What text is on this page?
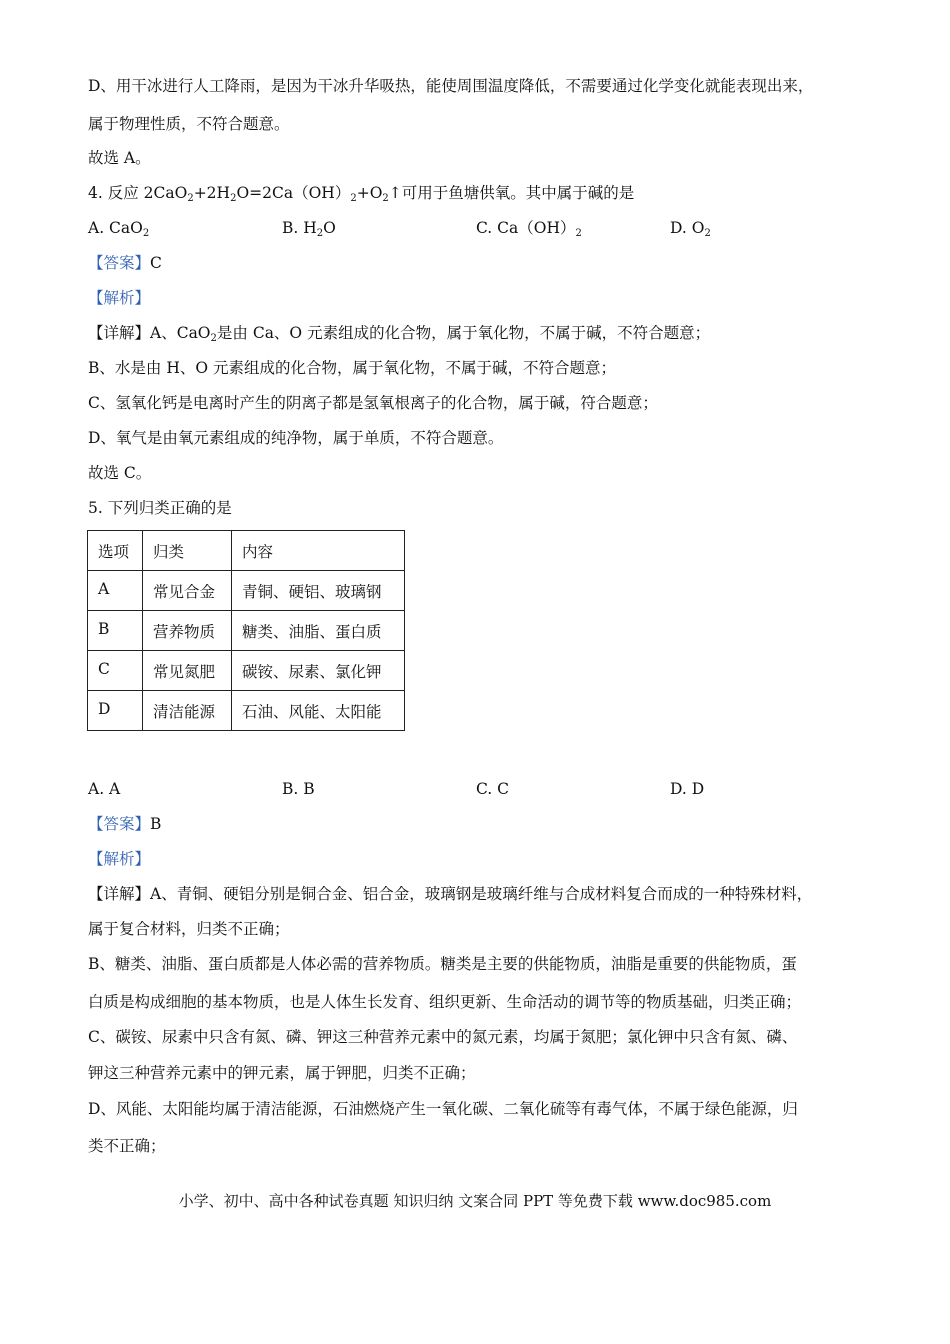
D、用干冰进行人工降雨，是因为干冰升华吸热，能使周围温度降低，不需要通过化学变化就能表现出来，
属于物理性质，不符合题意。
故选 A。
4. 反应 $2CaO_2+2H_2O=2Ca(OH)_2+O_2↑$可用于鱼塘供氧。其中属于碱的是
A. CaO$_2$	B. $H_2O$	C. $Ca(OH)_2$	D. $O_2$
【答案】C
【解析】
【详解】A、CaO$_2$是由 Ca、O 元素组成的化合物，属于氧化物，不属于碱，不符合题意；
B、水是由 H、O 元素组成的化合物，属于氧化物，不属于碱，不符合题意；
C、氢氧化钙是电离时产生的阴离子都是氢氧根离子的化合物，属于碱，符合题意；
D、氧气是由氧元素组成的纯净物，属于单质，不符合题意。
故选 C。
5. 下列归类正确的是
选项	归类	内容
A	常见合金	青铜、硬铝、玻璃钢
B	营养物质	糖类、油脂、蛋白质
C	常见氮肥	碳铵、尿素、氯化钾
D	清洁能源	石油、风能、太阳能
A. A	B. B	C. C	D. D
【答案】B
【解析】
【详解】A、青铜、硬铝分别是铜合金、铝合金，玻璃钢是玻璃纤维与合成材料复合而成的一种特殊材料，
属于复合材料，归类不正确；
B、糖类、油脂、蛋白质都是人体必需的营养物质。糖类是主要的供能物质，油脂是重要的供能物质，蛋
白质是构成细胞的基本物质，也是人体生长发育、组织更新、生命活动的调节等的物质基础，归类正确；
C、碳铵、尿素中只含有氮、磷、钾这三种营养元素中的氮元素，均属于氮肥；氯化钾中只含有氮、磷、
钾这三种营养元素中的钾元素，属于钾肥，归类不正确；
D、风能、太阳能均属于清洁能源，石油燃烧产生一氧化碳、二氧化硫等有毒气体，不属于绿色能源，归
类不正确；
小学、初中、高中各种试卷真题 知识归纳 文案合同 PPT 等免费下载 www.doc985.com
